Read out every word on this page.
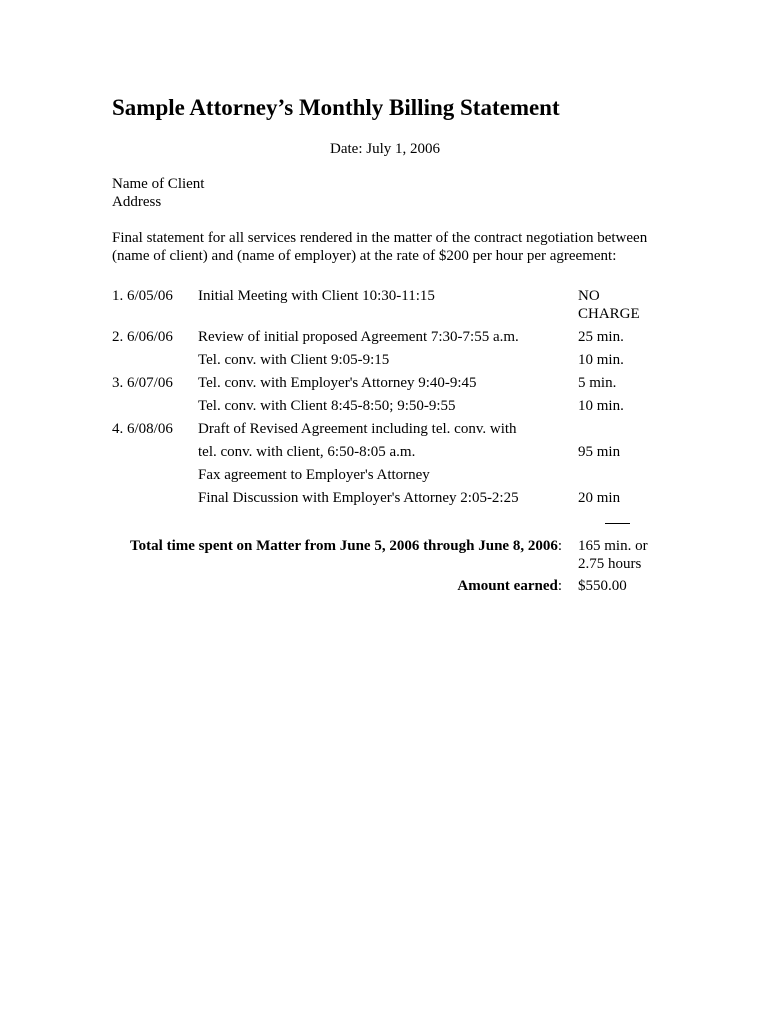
Sample Attorney’s Monthly Billing Statement
Date: July 1, 2006
Name of Client
Address
Final statement for all services rendered in the matter of the contract negotiation between
(name of client) and (name of employer) at the rate of $200 per hour per agreement:
1. 6/05/06 Initial Meeting with Client 10:30-11:15	NO
CHARGE
2. 6/06/06 Review of initial proposed Agreement 7:30-7:55 a.m.	25 min.
Tel. conv. with Client 9:05-9:15	10 min.
3. 6/07/06 Tel. conv. with Employer's Attorney 9:40-9:45	5 min.
Tel. conv. with Client 8:45-8:50; 9:50-9:55	10 min.
4. 6/08/06 Draft of Revised Agreement including tel. conv. with
tel. conv. with client, 6:50-8:05 a.m.	95 min
Fax agreement to Employer's Attorney
Final Discussion with Employer's Attorney 2:05-2:25	20 min
Total time spent on Matter from June 5, 2006 through June 8, 2006: 165 min. or
2.75 hours
Amount earned: $550.00
